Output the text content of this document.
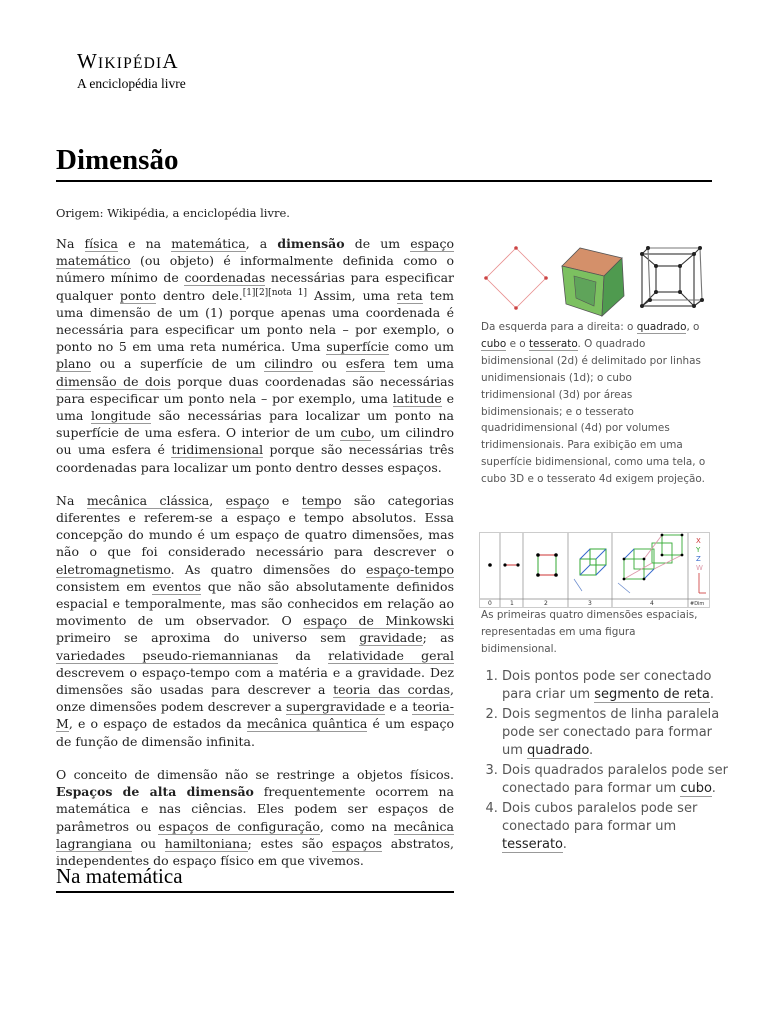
WIKIPÉDIA
A enciclopédia livre
Dimensão
Origem: Wikipédia, a enciclopédia livre.

Na física e na matemática, a dimensão de um espaço matemático (ou objeto) é informalmente definida como o número mínimo de coordenadas necessárias para especificar qualquer ponto dentro dele.[1][2][nota 1] Assim, uma reta tem uma dimensão de um (1) porque apenas uma coordenada é necessária para especificar um ponto nela – por exemplo, o ponto no 5 em uma reta numérica. Uma superfície como um plano ou a superfície de um cilindro ou esfera tem uma dimensão de dois porque duas coordenadas são necessárias para especificar um ponto nela – por exemplo, uma latitude e uma longitude são necessárias para localizar um ponto na superfície de uma esfera. O interior de um cubo, um cilindro ou uma esfera é tridimensional porque são necessárias três coordenadas para localizar um ponto dentro desses espaços.

Na mecânica clássica, espaço e tempo são categorias diferentes e referem-se a espaço e tempo absolutos. Essa concepção do mundo é um espaço de quatro dimensões, mas não o que foi considerado necessário para descrever o eletromagnetismo. As quatro dimensões do espaço-tempo consistem em eventos que não são absolutamente definidos espacial e temporalmente, mas são conhecidos em relação ao movimento de um observador. O espaço de Minkowski primeiro se aproxima do universo sem gravidade; as variedades pseudo-riemannianas da relatividade geral descrevem o espaço-tempo com a matéria e a gravidade. Dez dimensões são usadas para descrever a teoria das cordas, onze dimensões podem descrever a supergravidade e a teoria-M, e o espaço de estados da mecânica quântica é um espaço de função de dimensão infinita.

O conceito de dimensão não se restringe a objetos físicos. Espaços de alta dimensão frequentemente ocorrem na matemática e nas ciências. Eles podem ser espaços de parâmetros ou espaços de configuração, como na mecânica lagrangiana ou hamiltoniana; estes são espaços abstratos, independentes do espaço físico em que vivemos.

Na matemática
Da esquerda para a direita: o quadrado, o cubo e o tesserato. O quadrado bidimensional (2d) é delimitado por linhas unidimensionais (1d); o cubo tridimensional (3d) por áreas bidimensionais; e o tesserato quadridimensional (4d) por volumes tridimensionais. Para exibição em uma superfície bidimensional, como uma tela, o cubo 3D e o tesserato 4d exigem projeção.
0	1	2	3	4	#Dim
X
Y
Z
W
As primeiras quatro dimensões espaciais, representadas em uma figura bidimensional.
1. Dois pontos pode ser conectado para criar um segmento de reta.
2. Dois segmentos de linha paralela pode ser conectado para formar um quadrado.
3. Dois quadrados paralelos pode ser conectado para formar um cubo.
4. Dois cubos paralelos pode ser conectado para formar um tesserato.
